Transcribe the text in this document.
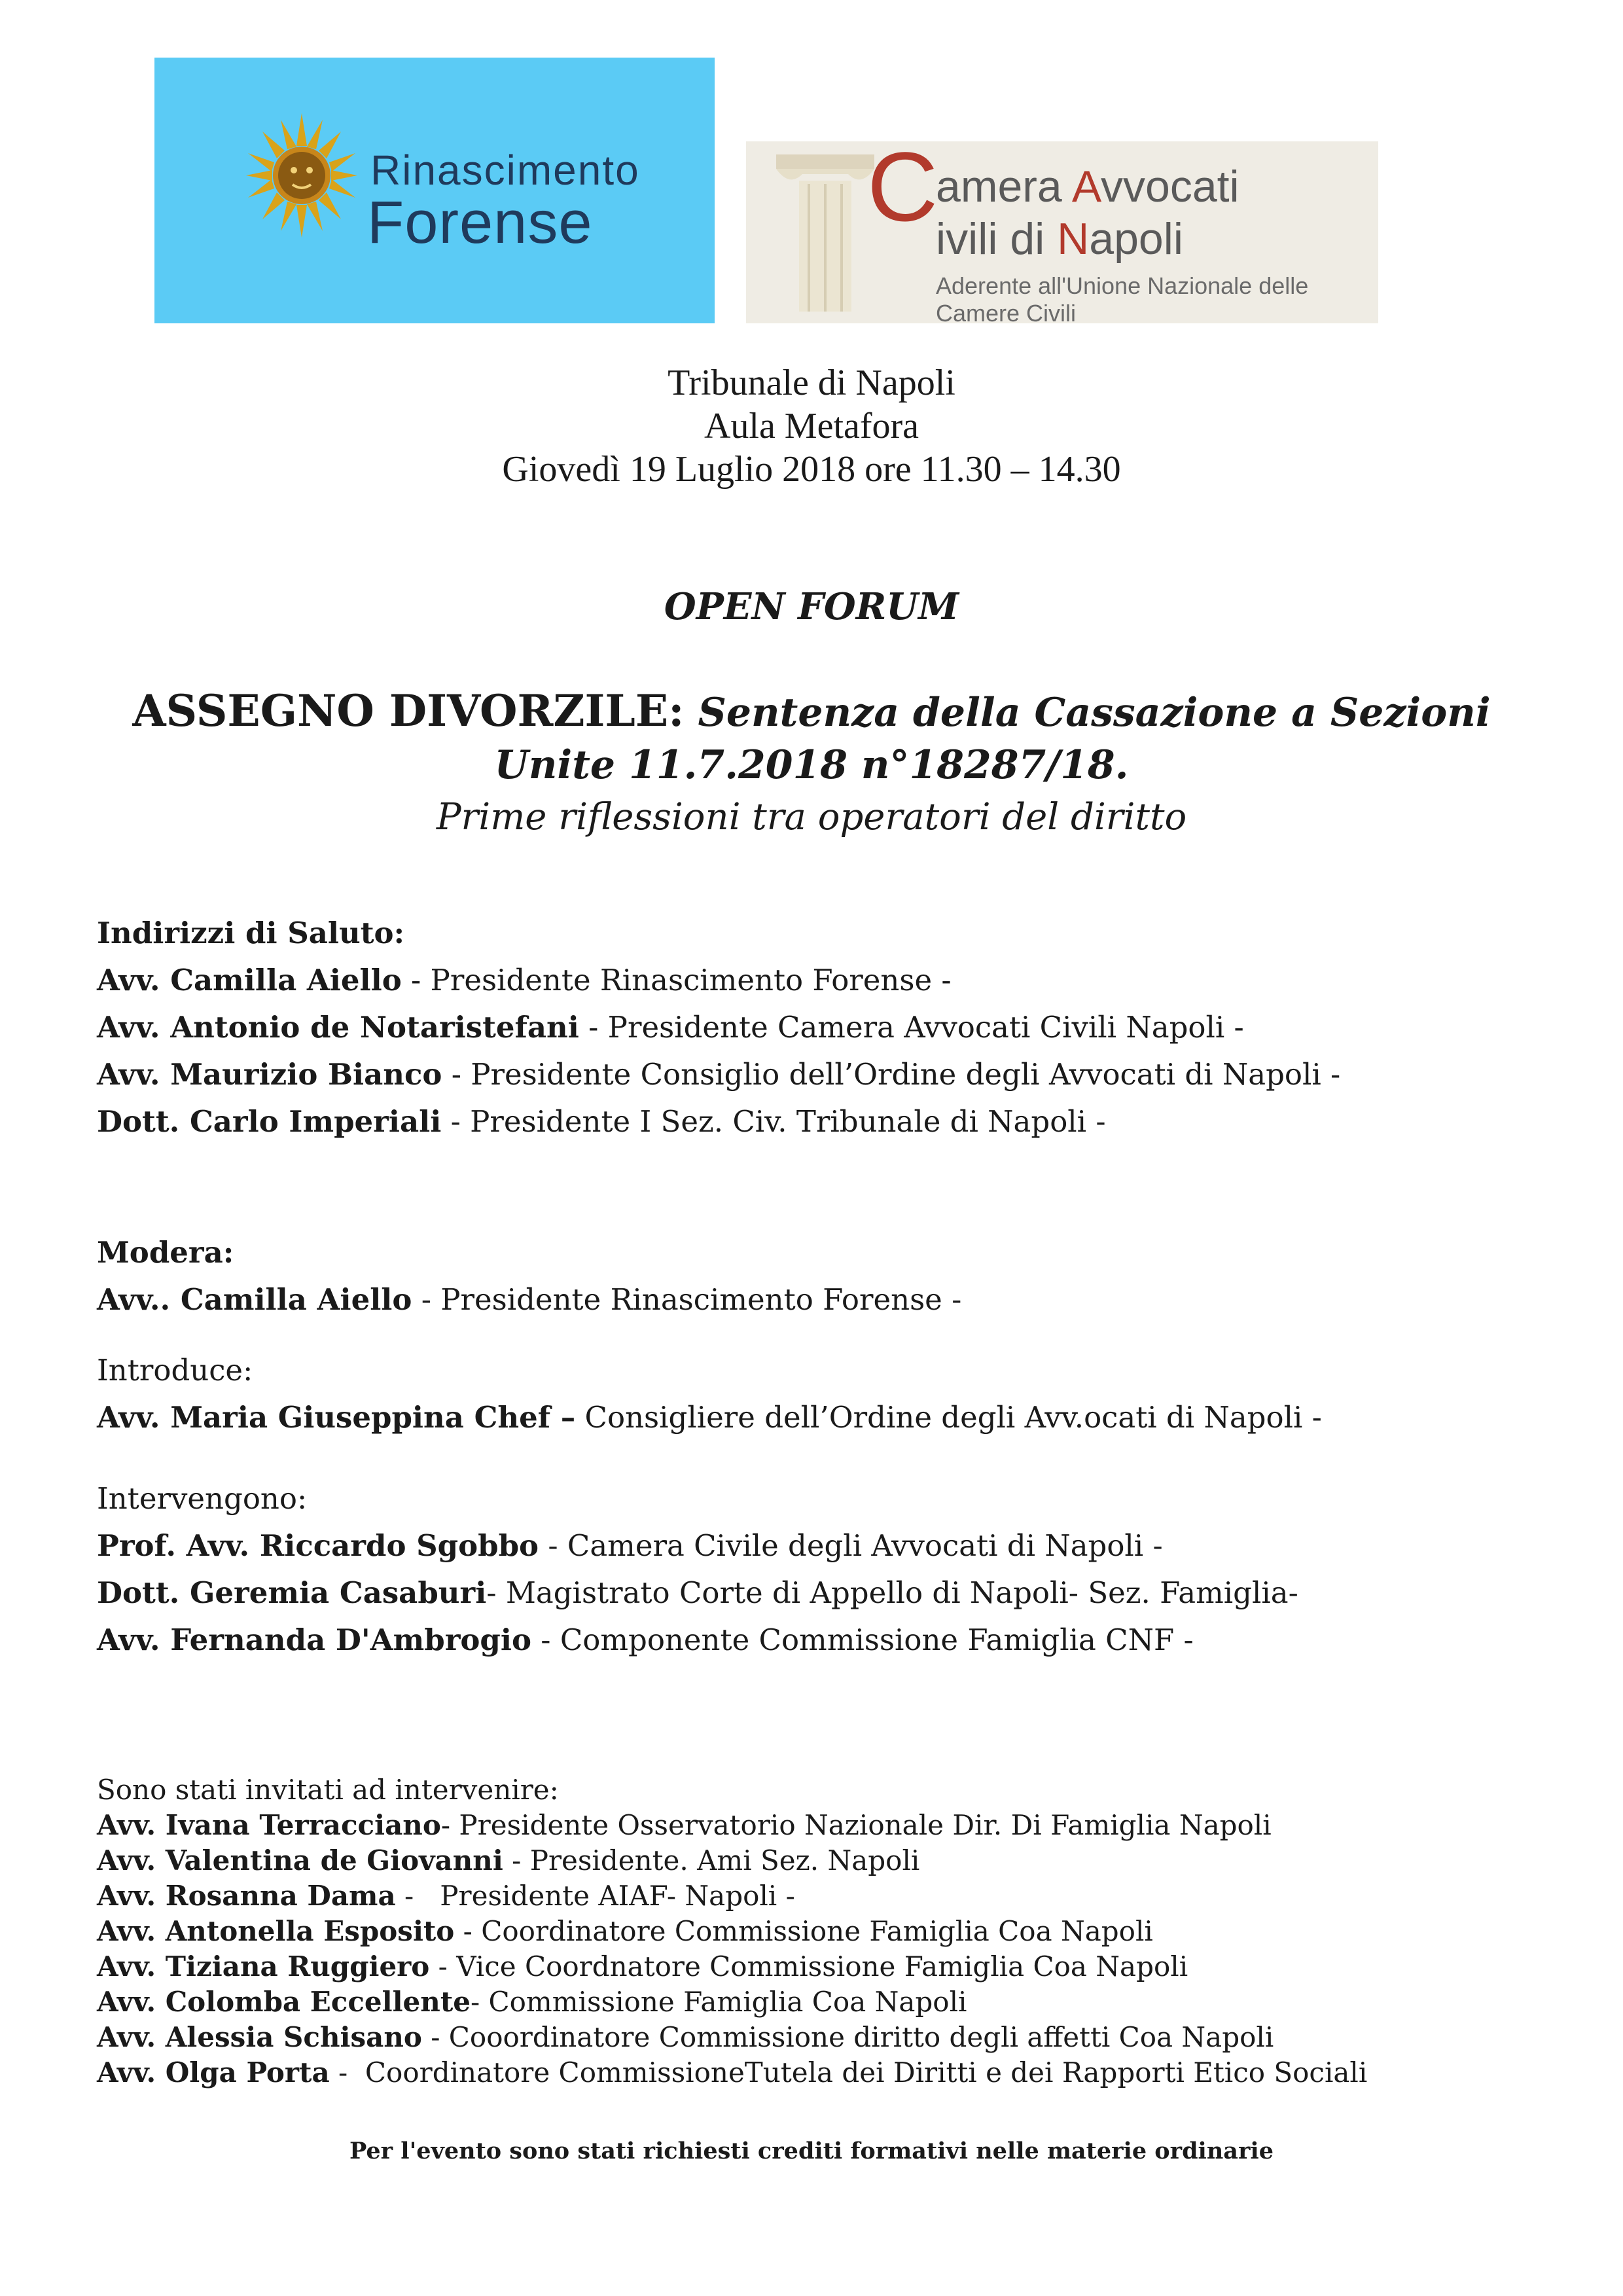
Rinascimento
Forense	C
amera Avvocati
ivili di Napoli
Aderente all'Unione Nazionale delle Camere Civili
Tribunale di Napoli
Aula Metafora
Giovedì 19 Luglio 2018 ore 11.30 – 14.30
OPEN FORUM
ASSEGNO DIVORZILE: Sentenza della Cassazione a Sezioni
Unite 11.7.2018 n°18287/18.
Prime riflessioni tra operatori del diritto
Indirizzi di Saluto:
Avv. Camilla Aiello - Presidente Rinascimento Forense -
Avv. Antonio de Notaristefani - Presidente Camera Avvocati Civili Napoli -
Avv. Maurizio Bianco - Presidente Consiglio dell’Ordine degli Avvocati di Napoli -
Dott. Carlo Imperiali - Presidente I Sez. Civ. Tribunale di Napoli -
Modera:
Avv.. Camilla Aiello - Presidente Rinascimento Forense -
Introduce:
Avv. Maria Giuseppina Chef – Consigliere dell’Ordine degli Avv.ocati di Napoli -
Intervengono:
Prof. Avv. Riccardo Sgobbo - Camera Civile degli Avvocati di Napoli -
Dott. Geremia Casaburi- Magistrato Corte di Appello di Napoli- Sez. Famiglia-
Avv. Fernanda D'Ambrogio - Componente Commissione Famiglia CNF -
Sono stati invitati ad intervenire:
Avv. Ivana Terracciano- Presidente Osservatorio Nazionale Dir. Di Famiglia Napoli
Avv. Valentina de Giovanni - Presidente. Ami Sez. Napoli
Avv. Rosanna Dama -   Presidente AIAF- Napoli -
Avv. Antonella Esposito - Coordinatore Commissione Famiglia Coa Napoli
Avv. Tiziana Ruggiero - Vice Coordnatore Commissione Famiglia Coa Napoli
Avv. Colomba Eccellente- Commissione Famiglia Coa Napoli
Avv. Alessia Schisano - Cooordinatore Commissione diritto degli affetti Coa Napoli
Avv. Olga Porta -  Coordinatore CommissioneTutela dei Diritti e dei Rapporti Etico Sociali
Per l'evento sono stati richiesti crediti formativi nelle materie ordinarie
